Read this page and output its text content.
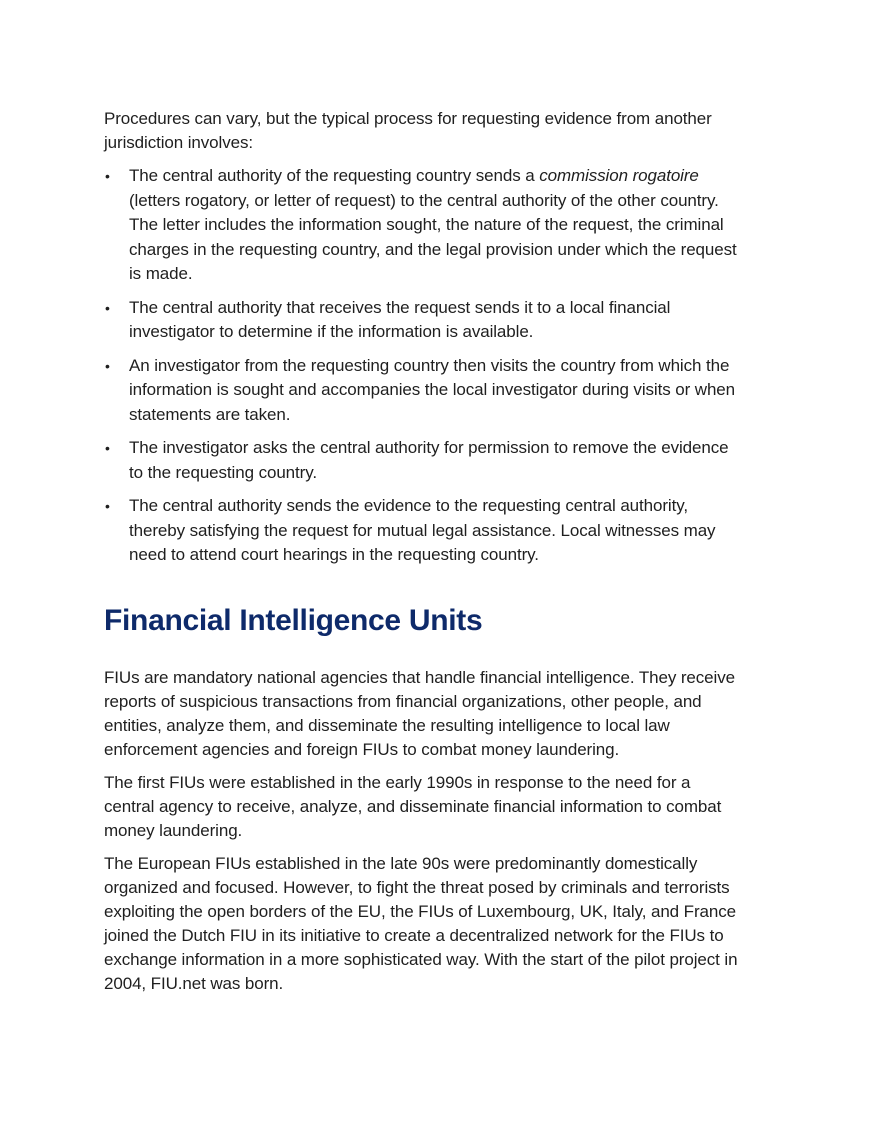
Procedures can vary, but the typical process for requesting evidence from another jurisdiction involves:

• The central authority of the requesting country sends a commission rogatoire (letters rogatory, or letter of request) to the central authority of the other country. The letter includes the information sought, the nature of the request, the criminal charges in the requesting country, and the legal provision under which the request is made.
• The central authority that receives the request sends it to a local financial investigator to determine if the information is available.
• An investigator from the requesting country then visits the country from which the information is sought and accompanies the local investigator during visits or when statements are taken.
• The investigator asks the central authority for permission to remove the evidence to the requesting country.
• The central authority sends the evidence to the requesting central authority, thereby satisfying the request for mutual legal assistance. Local witnesses may need to attend court hearings in the requesting country.
Financial Intelligence Units

FIUs are mandatory national agencies that handle financial intelligence. They receive reports of suspicious transactions from financial organizations, other people, and entities, analyze them, and disseminate the resulting intelligence to local law enforcement agencies and foreign FIUs to combat money laundering.

The first FIUs were established in the early 1990s in response to the need for a central agency to receive, analyze, and disseminate financial information to combat money laundering.

The European FIUs established in the late 90s were predominantly domestically organized and focused. However, to fight the threat posed by criminals and terrorists exploiting the open borders of the EU, the FIUs of Luxembourg, UK, Italy, and France joined the Dutch FIU in its initiative to create a decentralized network for the FIUs to exchange information in a more sophisticated way. With the start of the pilot project in 2004, FIU.net was born.
